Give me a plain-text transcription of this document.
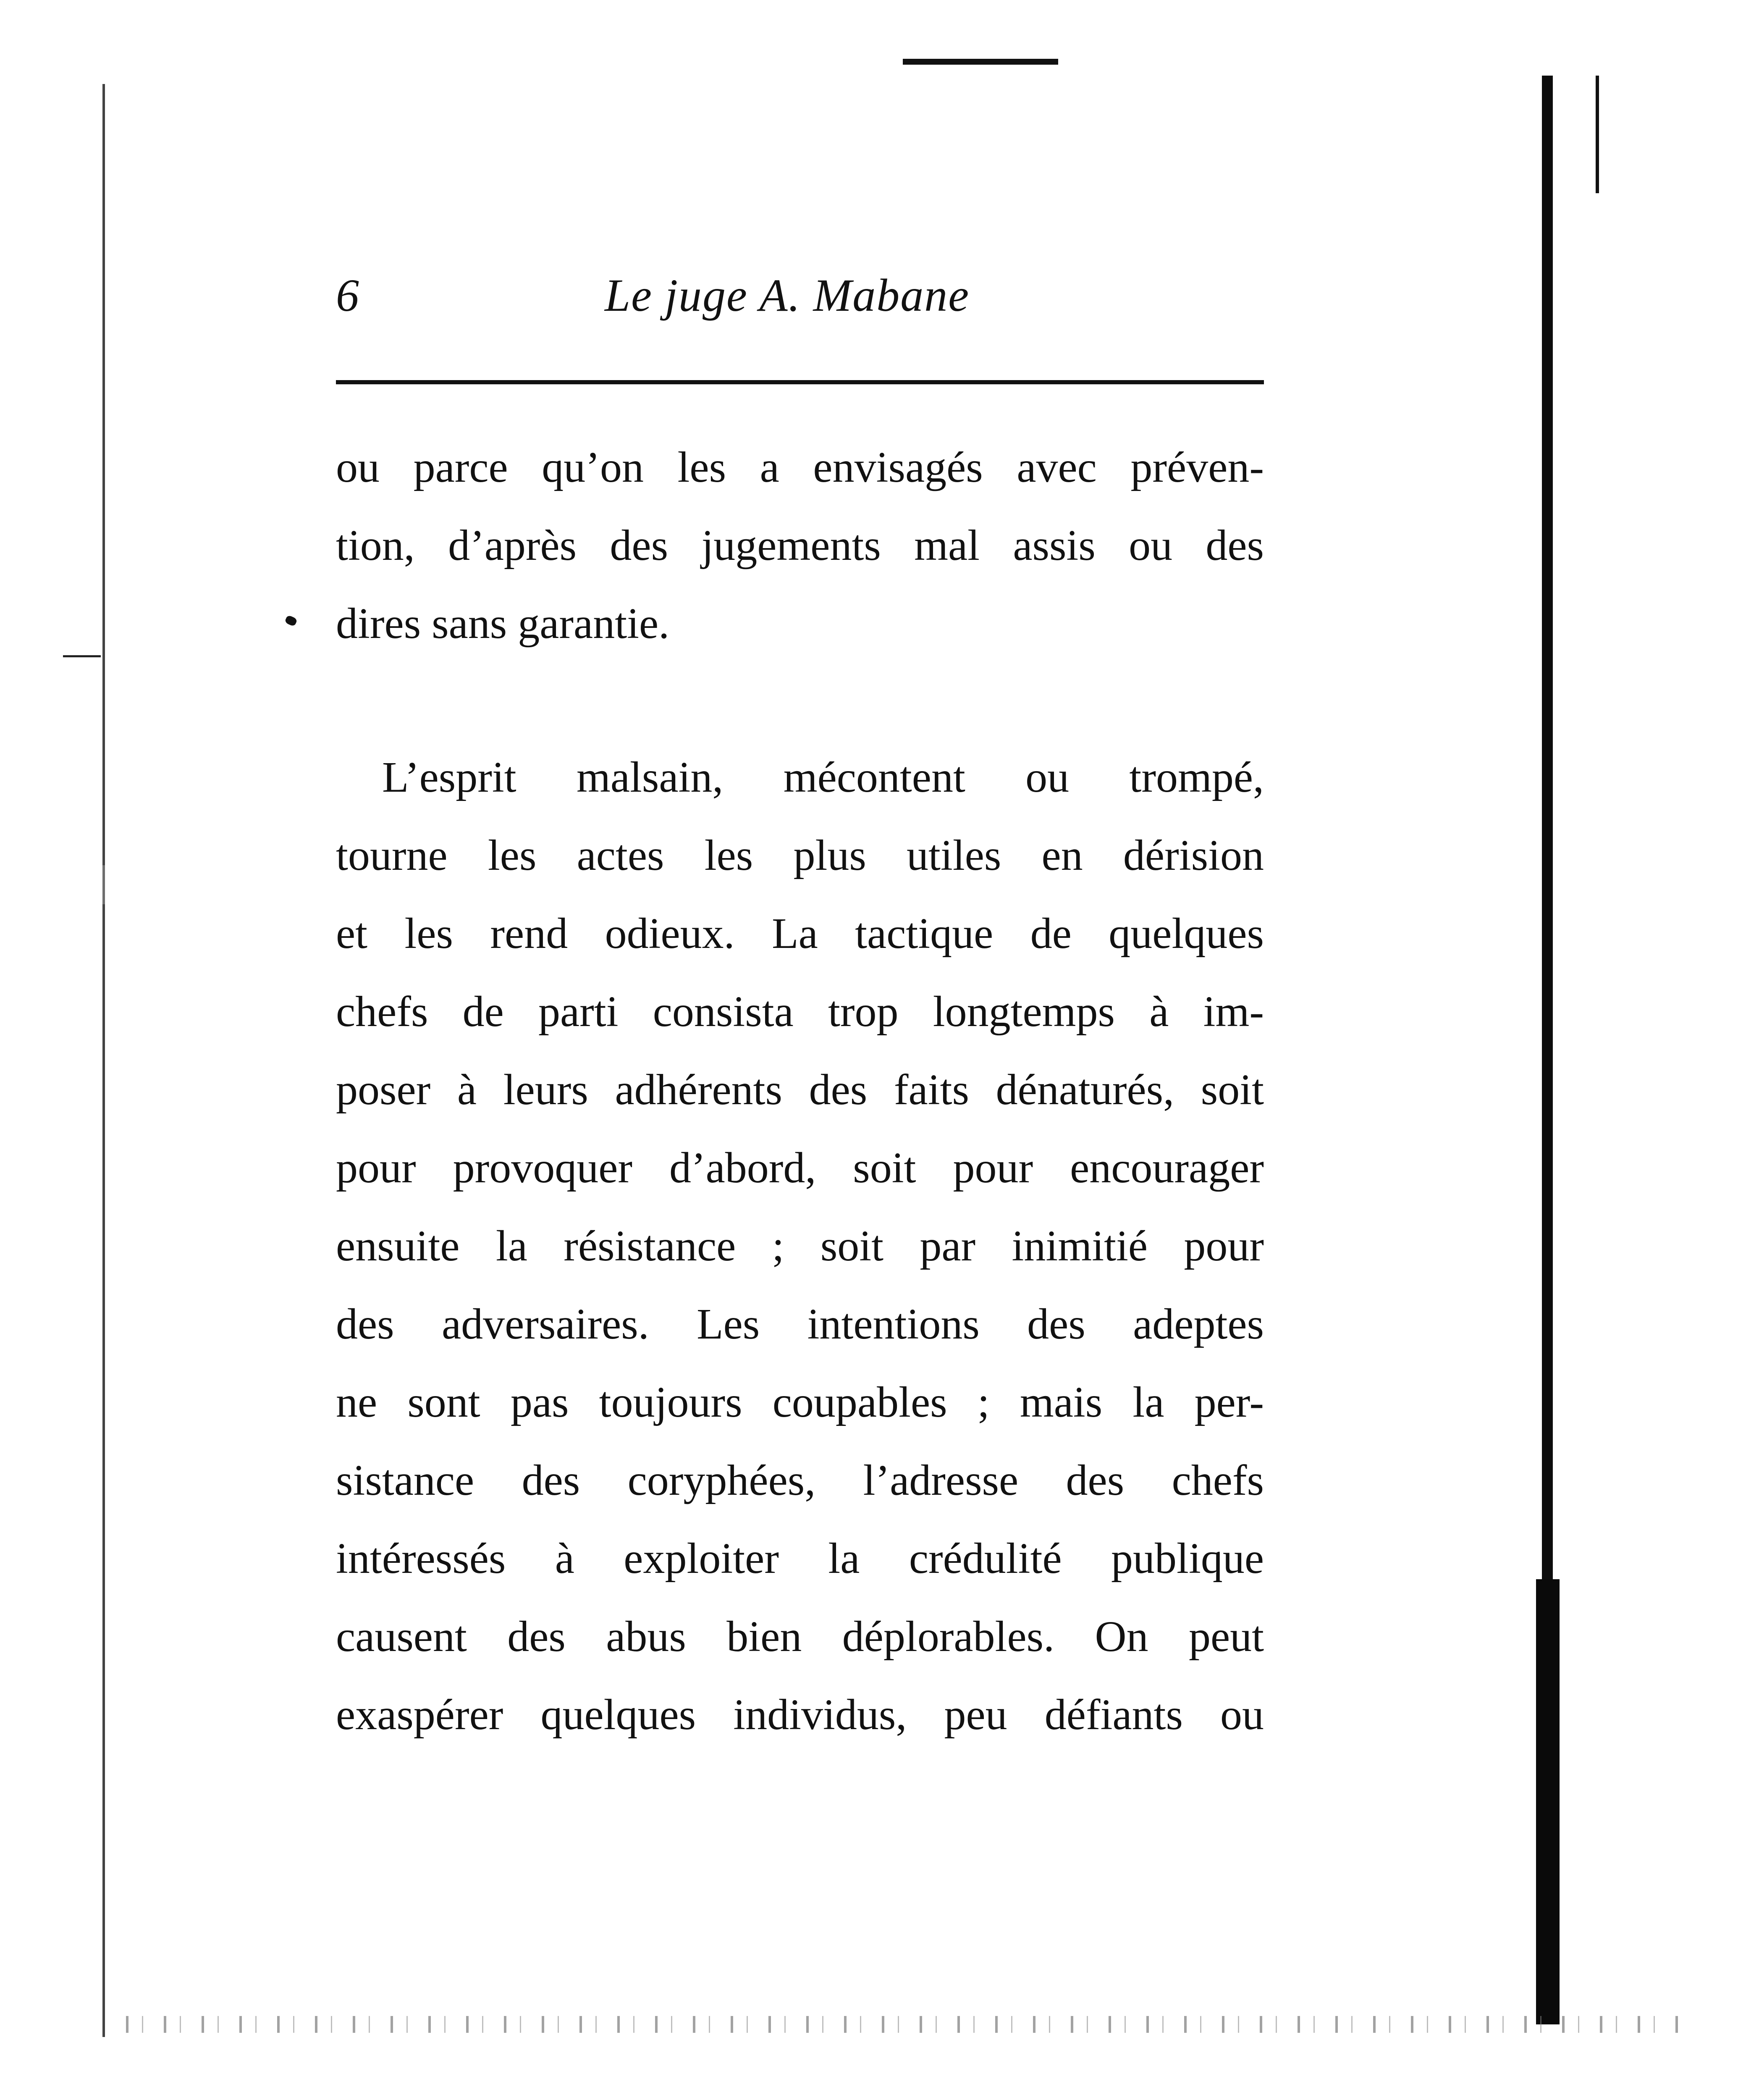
6	Le juge A. Mabane
ou parce qu’on les a envisagés avec préven-
tion, d’après des jugements mal assis ou des
dires sans garantie.
L’esprit malsain, mécontent ou trompé,
tourne les actes les plus utiles en dérision
et les rend odieux. La tactique de quelques
chefs de parti consista trop longtemps à im-
poser à leurs adhérents des faits dénaturés, soit
pour provoquer d’abord, soit pour encourager
ensuite la résistance ; soit par inimitié pour
des adversaires. Les intentions des adeptes
ne sont pas toujours coupables ; mais la per-
sistance des coryphées, l’adresse des chefs
intéressés à exploiter la crédulité publique
causent des abus bien déplorables. On peut
exaspérer quelques individus, peu défiants ou
